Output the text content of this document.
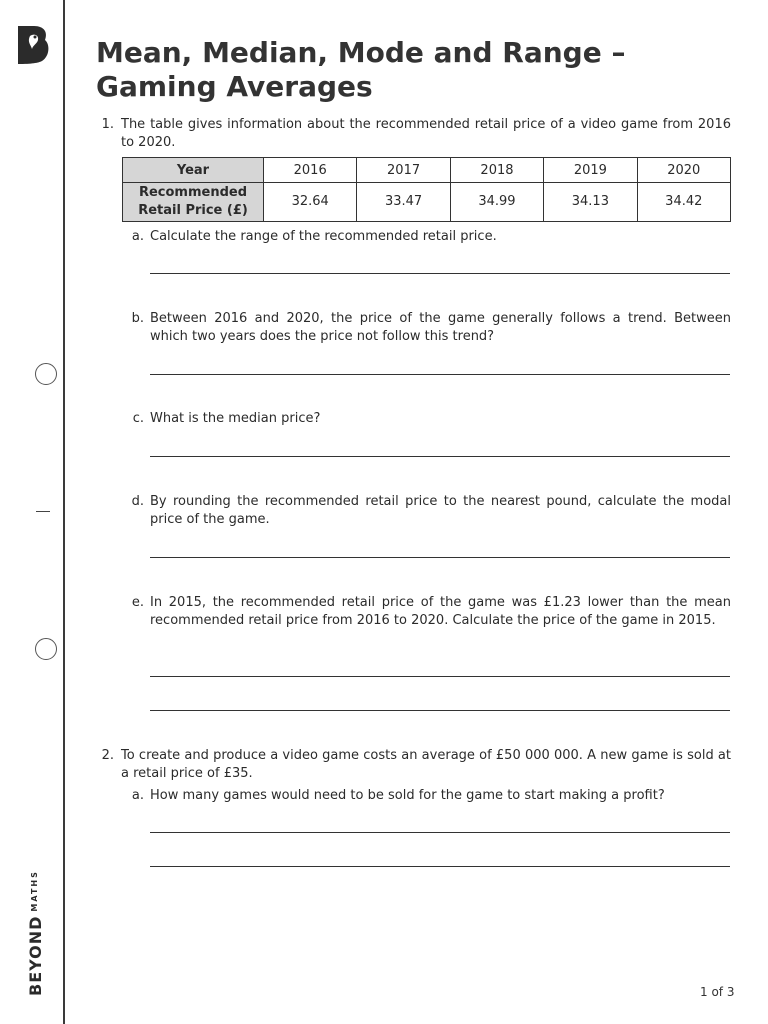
$BEYOND^{MATHS}$
Mean, Median, Mode and Range – Gaming Averages
1. The table gives information about the recommended retail price of a video game from 2016 to 2020.
Year	2016	2017	2018	2019	2020
Recommended Retail Price (£)	32.64	33.47	34.99	34.13	34.42
a. Calculate the range of the recommended retail price.
b. Between 2016 and 2020, the price of the game generally follows a trend. Between which two years does the price not follow this trend?
c. What is the median price?
d. By rounding the recommended retail price to the nearest pound, calculate the modal price of the game.
e. In 2015, the recommended retail price of the game was £1.23 lower than the mean recommended retail price from 2016 to 2020. Calculate the price of the game in 2015.
2. To create and produce a video game costs an average of £50 000 000. A new game is sold at a retail price of £35.
a. How many games would need to be sold for the game to start making a profit?
1 of 3
